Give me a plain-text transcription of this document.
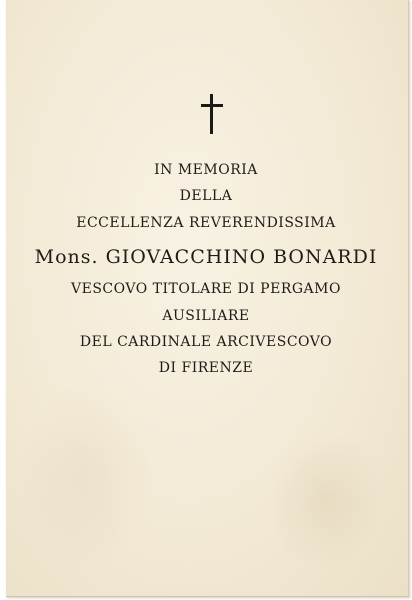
IN MEMORIA
DELLA
ECCELLENZA REVERENDISSIMA
Mons. GIOVACCHINO BONARDI
VESCOVO TITOLARE DI PERGAMO
AUSILIARE
DEL CARDINALE ARCIVESCOVO
DI FIRENZE
